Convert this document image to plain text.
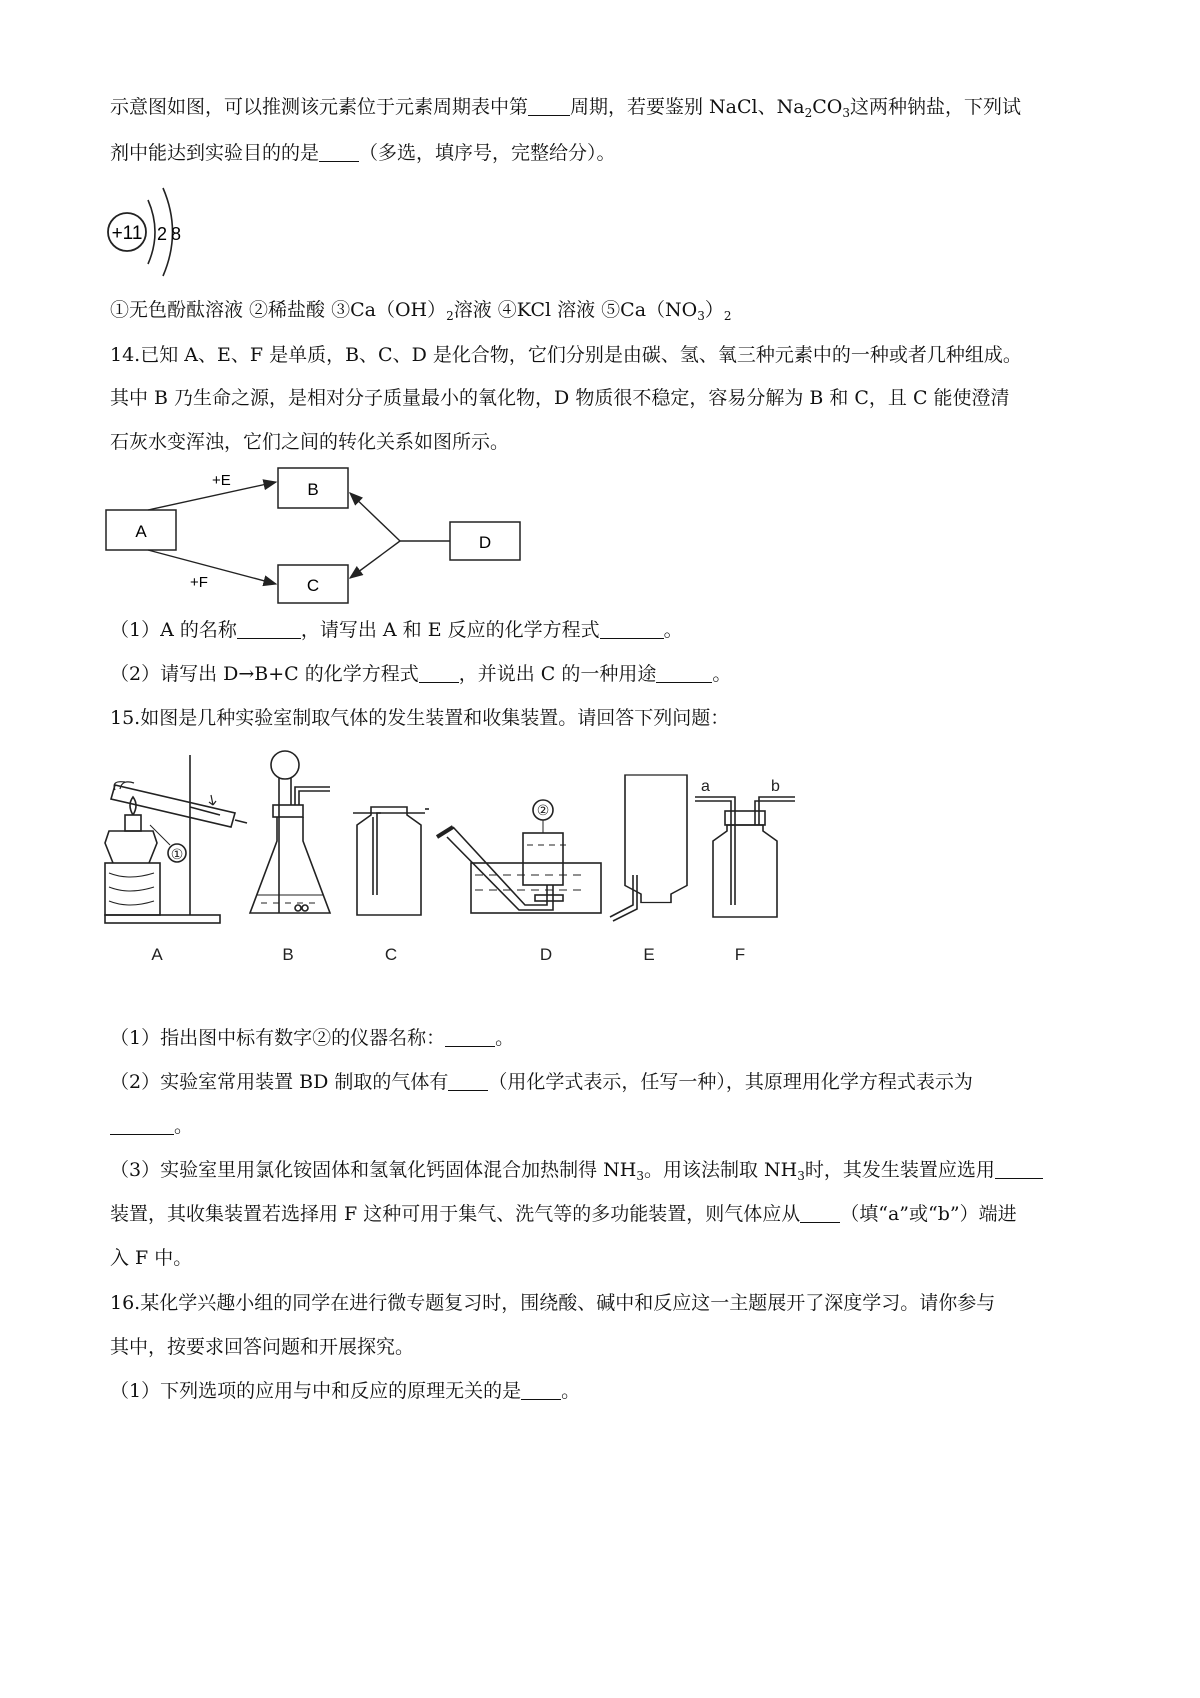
示意图如图，可以推测该元素位于元素周期表中第 周期，若要鉴别 NaCl、$Na_2CO_3$这两种钠盐，下列试
剂中能达到实验目的的是 （多选，填序号，完整给分）。
+11 2 8
①无色酚酞溶液 ②稀盐酸 $③Ca(OH)_2$溶液 ④KCl 溶液 $⑤Ca(NO_3)_2$
14.已知 A、E、F 是单质，B、C、D 是化合物，它们分别是由碳、氢、氧三种元素中的一种或者几种组成。
其中 B 乃生命之源，是相对分子质量最小的氧化物，D 物质很不稳定，容易分解为 B 和 C，且 C 能使澄清
石灰水变浑浊，它们之间的转化关系如图所示。
A
B
C
D
+E
+F
（1）A 的名称	，请写出 A 和 E 反应的化学方程式	。
（2）请写出 D→B+C 的化学方程式 ，并说出 C 的一种用途	。
15.如图是几种实验室制取气体的发生装置和收集装置。请回答下列问题：
①
②
a	b
A	B	C	D	E	F
（1）指出图中标有数字②的仪器名称：	。
（2）实验室常用装置 BD 制取的气体有 （用化学式表示，任写一种），其原理用化学方程式表示为
。
（3）实验室里用氯化铵固体和氢氧化钙固体混合加热制得 $NH_3$。用该法制取 $NH_3$时，其发生装置应选用
装置，其收集装置若选择用 F 这种可用于集气、洗气等的多功能装置，则气体应从 （填“a”或“b”）端进
入 F 中。
16.某化学兴趣小组的同学在进行微专题复习时，围绕酸、碱中和反应这一主题展开了深度学习。请你参与
其中，按要求回答问题和开展探究。
（1）下列选项的应用与中和反应的原理无关的是 。
